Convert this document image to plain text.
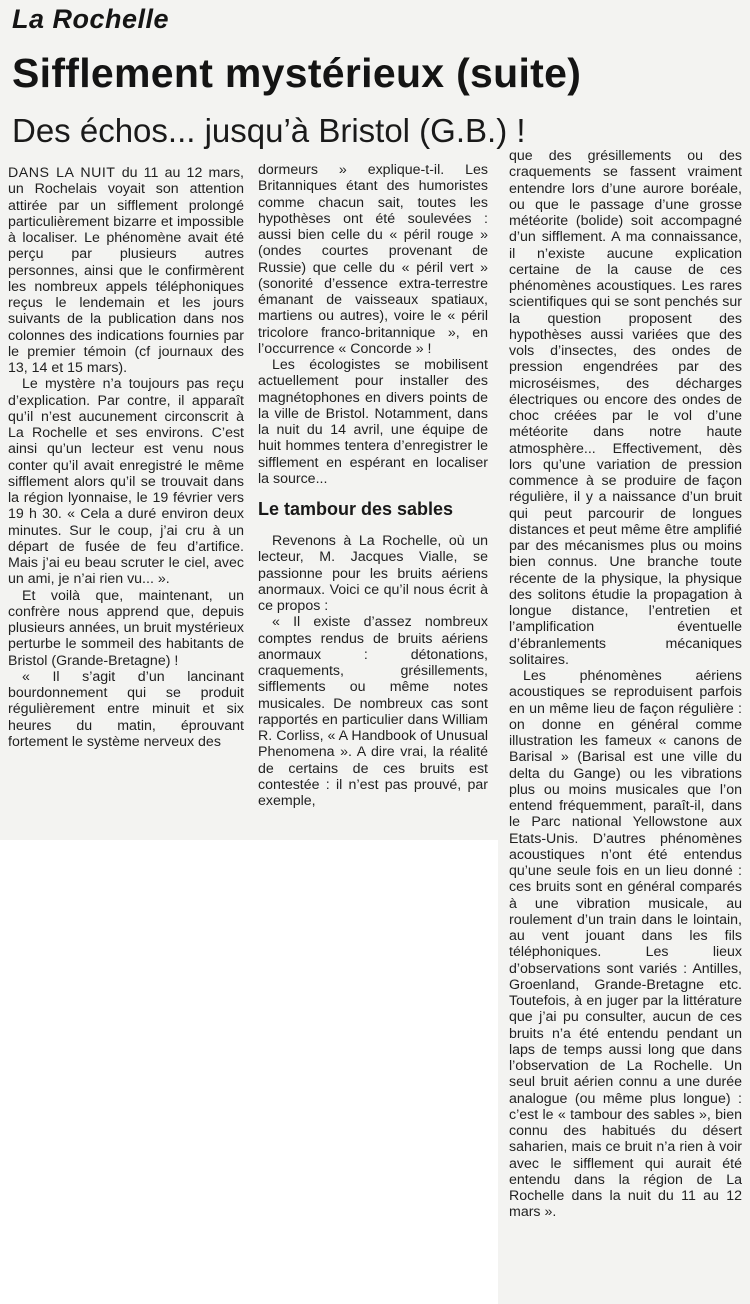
La Rochelle
Sifflement mystérieux (suite)
Des échos... jusqu’à Bristol (G.B.) !

DANS LA NUIT du 11 au 12 mars, un Rochelais voyait son attention attirée par un sifflement prolongé particulièrement bizarre et impossible à localiser. Le phénomène avait été perçu par plusieurs autres personnes, ainsi que le confirmèrent les nombreux appels téléphoniques reçus le lendemain et les jours suivants de la publication dans nos colonnes des indications fournies par le premier témoin (cf journaux des 13, 14 et 15 mars).

Le mystère n’a toujours pas reçu d’explication. Par contre, il apparaît qu’il n’est aucunement circonscrit à La Rochelle et ses environs. C’est ainsi qu’un lecteur est venu nous conter qu’il avait enregistré le même sifflement alors qu’il se trouvait dans la région lyonnaise, le 19 février vers 19 h 30. « Cela a duré environ deux minutes. Sur le coup, j’ai cru à un départ de fusée de feu d’artifice. Mais j’ai eu beau scruter le ciel, avec un ami, je n’ai rien vu... ».

Et voilà que, maintenant, un confrère nous apprend que, depuis plusieurs années, un bruit mystérieux perturbe le sommeil des habitants de Bristol (Grande-Bretagne) !

« Il s’agit d’un lancinant bourdonnement qui se produit régulièrement entre minuit et six heures du matin, éprouvant fortement le système nerveux des

dormeurs » explique-t-il. Les Britanniques étant des humoristes comme chacun sait, toutes les hypothèses ont été soulevées : aussi bien celle du « péril rouge » (ondes courtes provenant de Russie) que celle du « péril vert » (sonorité d’essence extra-terrestre émanant de vaisseaux spatiaux, martiens ou autres), voire le « péril tricolore franco-britannique », en l’occurrence « Concorde » !

Les écologistes se mobilisent actuellement pour installer des magnétophones en divers points de la ville de Bristol. Notamment, dans la nuit du 14 avril, une équipe de huit hommes tentera d’enregistrer le sifflement en espérant en localiser la source...

Le tambour des sables

Revenons à La Rochelle, où un lecteur, M. Jacques Vialle, se passionne pour les bruits aériens anormaux. Voici ce qu’il nous écrit à ce propos :

« Il existe d’assez nombreux comptes rendus de bruits aériens anormaux : détonations, craquements, grésillements, sifflements ou même notes musicales. De nombreux cas sont rapportés en particulier dans William R. Corliss, « A Handbook of Unusual Phenomena ». A dire vrai, la réalité de certains de ces bruits est contestée : il n’est pas prouvé, par exemple,

que des grésillements ou des craquements se fassent vraiment entendre lors d’une aurore boréale, ou que le passage d’une grosse météorite (bolide) soit accompagné d’un sifflement. A ma connaissance, il n’existe aucune explication certaine de la cause de ces phénomènes acoustiques. Les rares scientifiques qui se sont penchés sur la question proposent des hypothèses aussi variées que des vols d’insectes, des ondes de pression engendrées par des microséismes, des décharges électriques ou encore des ondes de choc créées par le vol d’une météorite dans notre haute atmosphère... Effectivement, dès lors qu’une variation de pression commence à se produire de façon régulière, il y a naissance d’un bruit qui peut parcourir de longues distances et peut même être amplifié par des mécanismes plus ou moins bien connus. Une branche toute récente de la physique, la physique des solitons étudie la propagation à longue distance, l’entretien et l’amplification éventuelle d’ébranlements mécaniques solitaires.

Les phénomènes aériens acoustiques se reproduisent parfois en un même lieu de façon régulière : on donne en général comme illustration les fameux « canons de Barisal » (Barisal est une ville du delta du Gange) ou les vibrations plus ou moins musicales que l’on entend fréquemment, paraît-il, dans le Parc national Yellowstone aux Etats-Unis. D’autres phénomènes acoustiques n’ont été entendus qu’une seule fois en un lieu donné : ces bruits sont en général comparés à une vibration musicale, au roulement d’un train dans le lointain, au vent jouant dans les fils téléphoniques. Les lieux d’observations sont variés : Antilles, Groenland, Grande-Bretagne etc. Toutefois, à en juger par la littérature que j’ai pu consulter, aucun de ces bruits n’a été entendu pendant un laps de temps aussi long que dans l’observation de La Rochelle. Un seul bruit aérien connu a une durée analogue (ou même plus longue) : c’est le « tambour des sables », bien connu des habitués du désert saharien, mais ce bruit n’a rien à voir avec le sifflement qui aurait été entendu dans la région de La Rochelle dans la nuit du 11 au 12 mars ».
